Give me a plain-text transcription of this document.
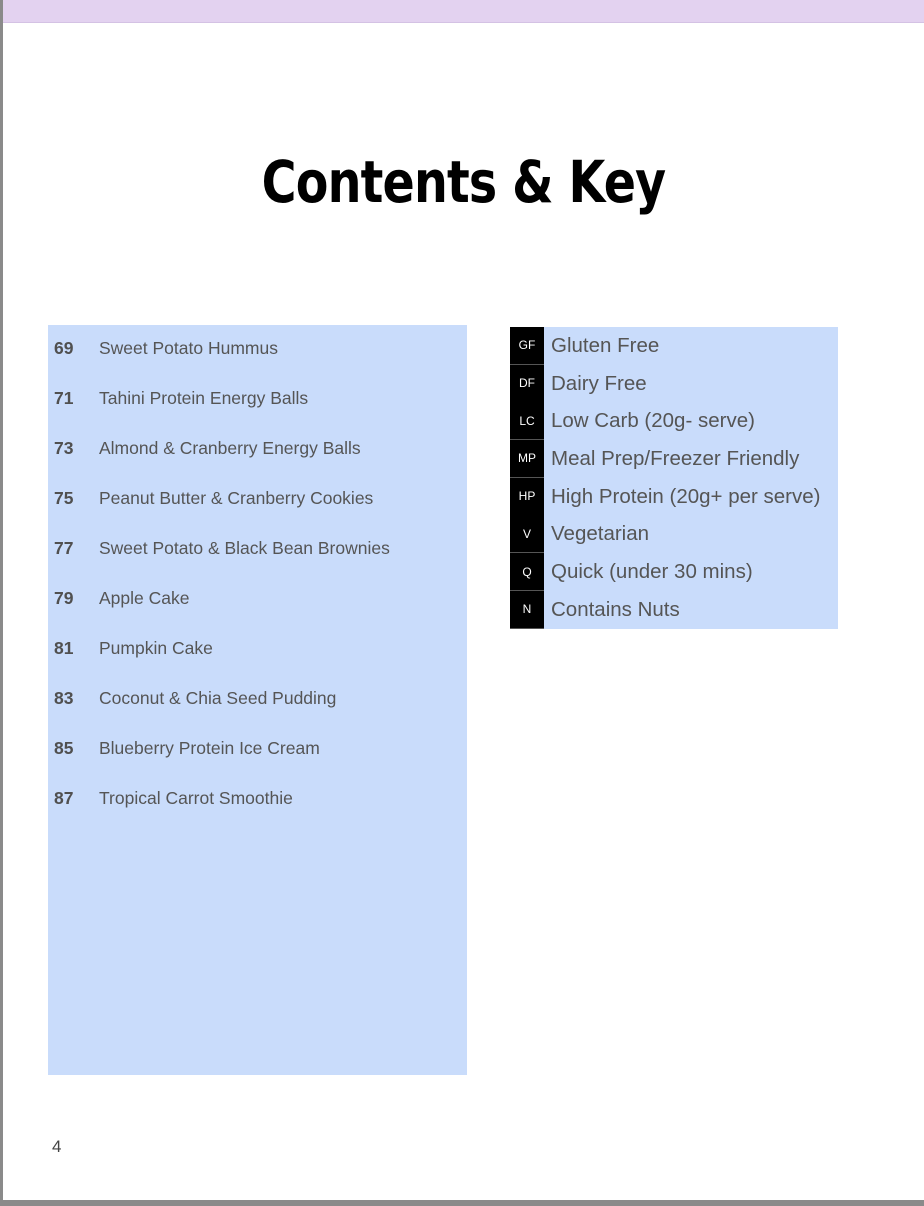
Contents & Key
69	Sweet Potato Hummus
71	Tahini Protein Energy Balls
73	Almond & Cranberry Energy Balls
75	Peanut Butter & Cranberry Cookies
77	Sweet Potato & Black Bean Brownies
79	Apple Cake
81	Pumpkin Cake
83	Coconut & Chia Seed Pudding
85	Blueberry Protein Ice Cream
87	Tropical Carrot Smoothie
GF Gluten Free
DF Dairy Free
LC Low Carb (20g- serve)
MP Meal Prep/Freezer Friendly
HP High Protein (20g+ per serve)
V Vegetarian
Q Quick (under 30 mins)
N Contains Nuts
4
